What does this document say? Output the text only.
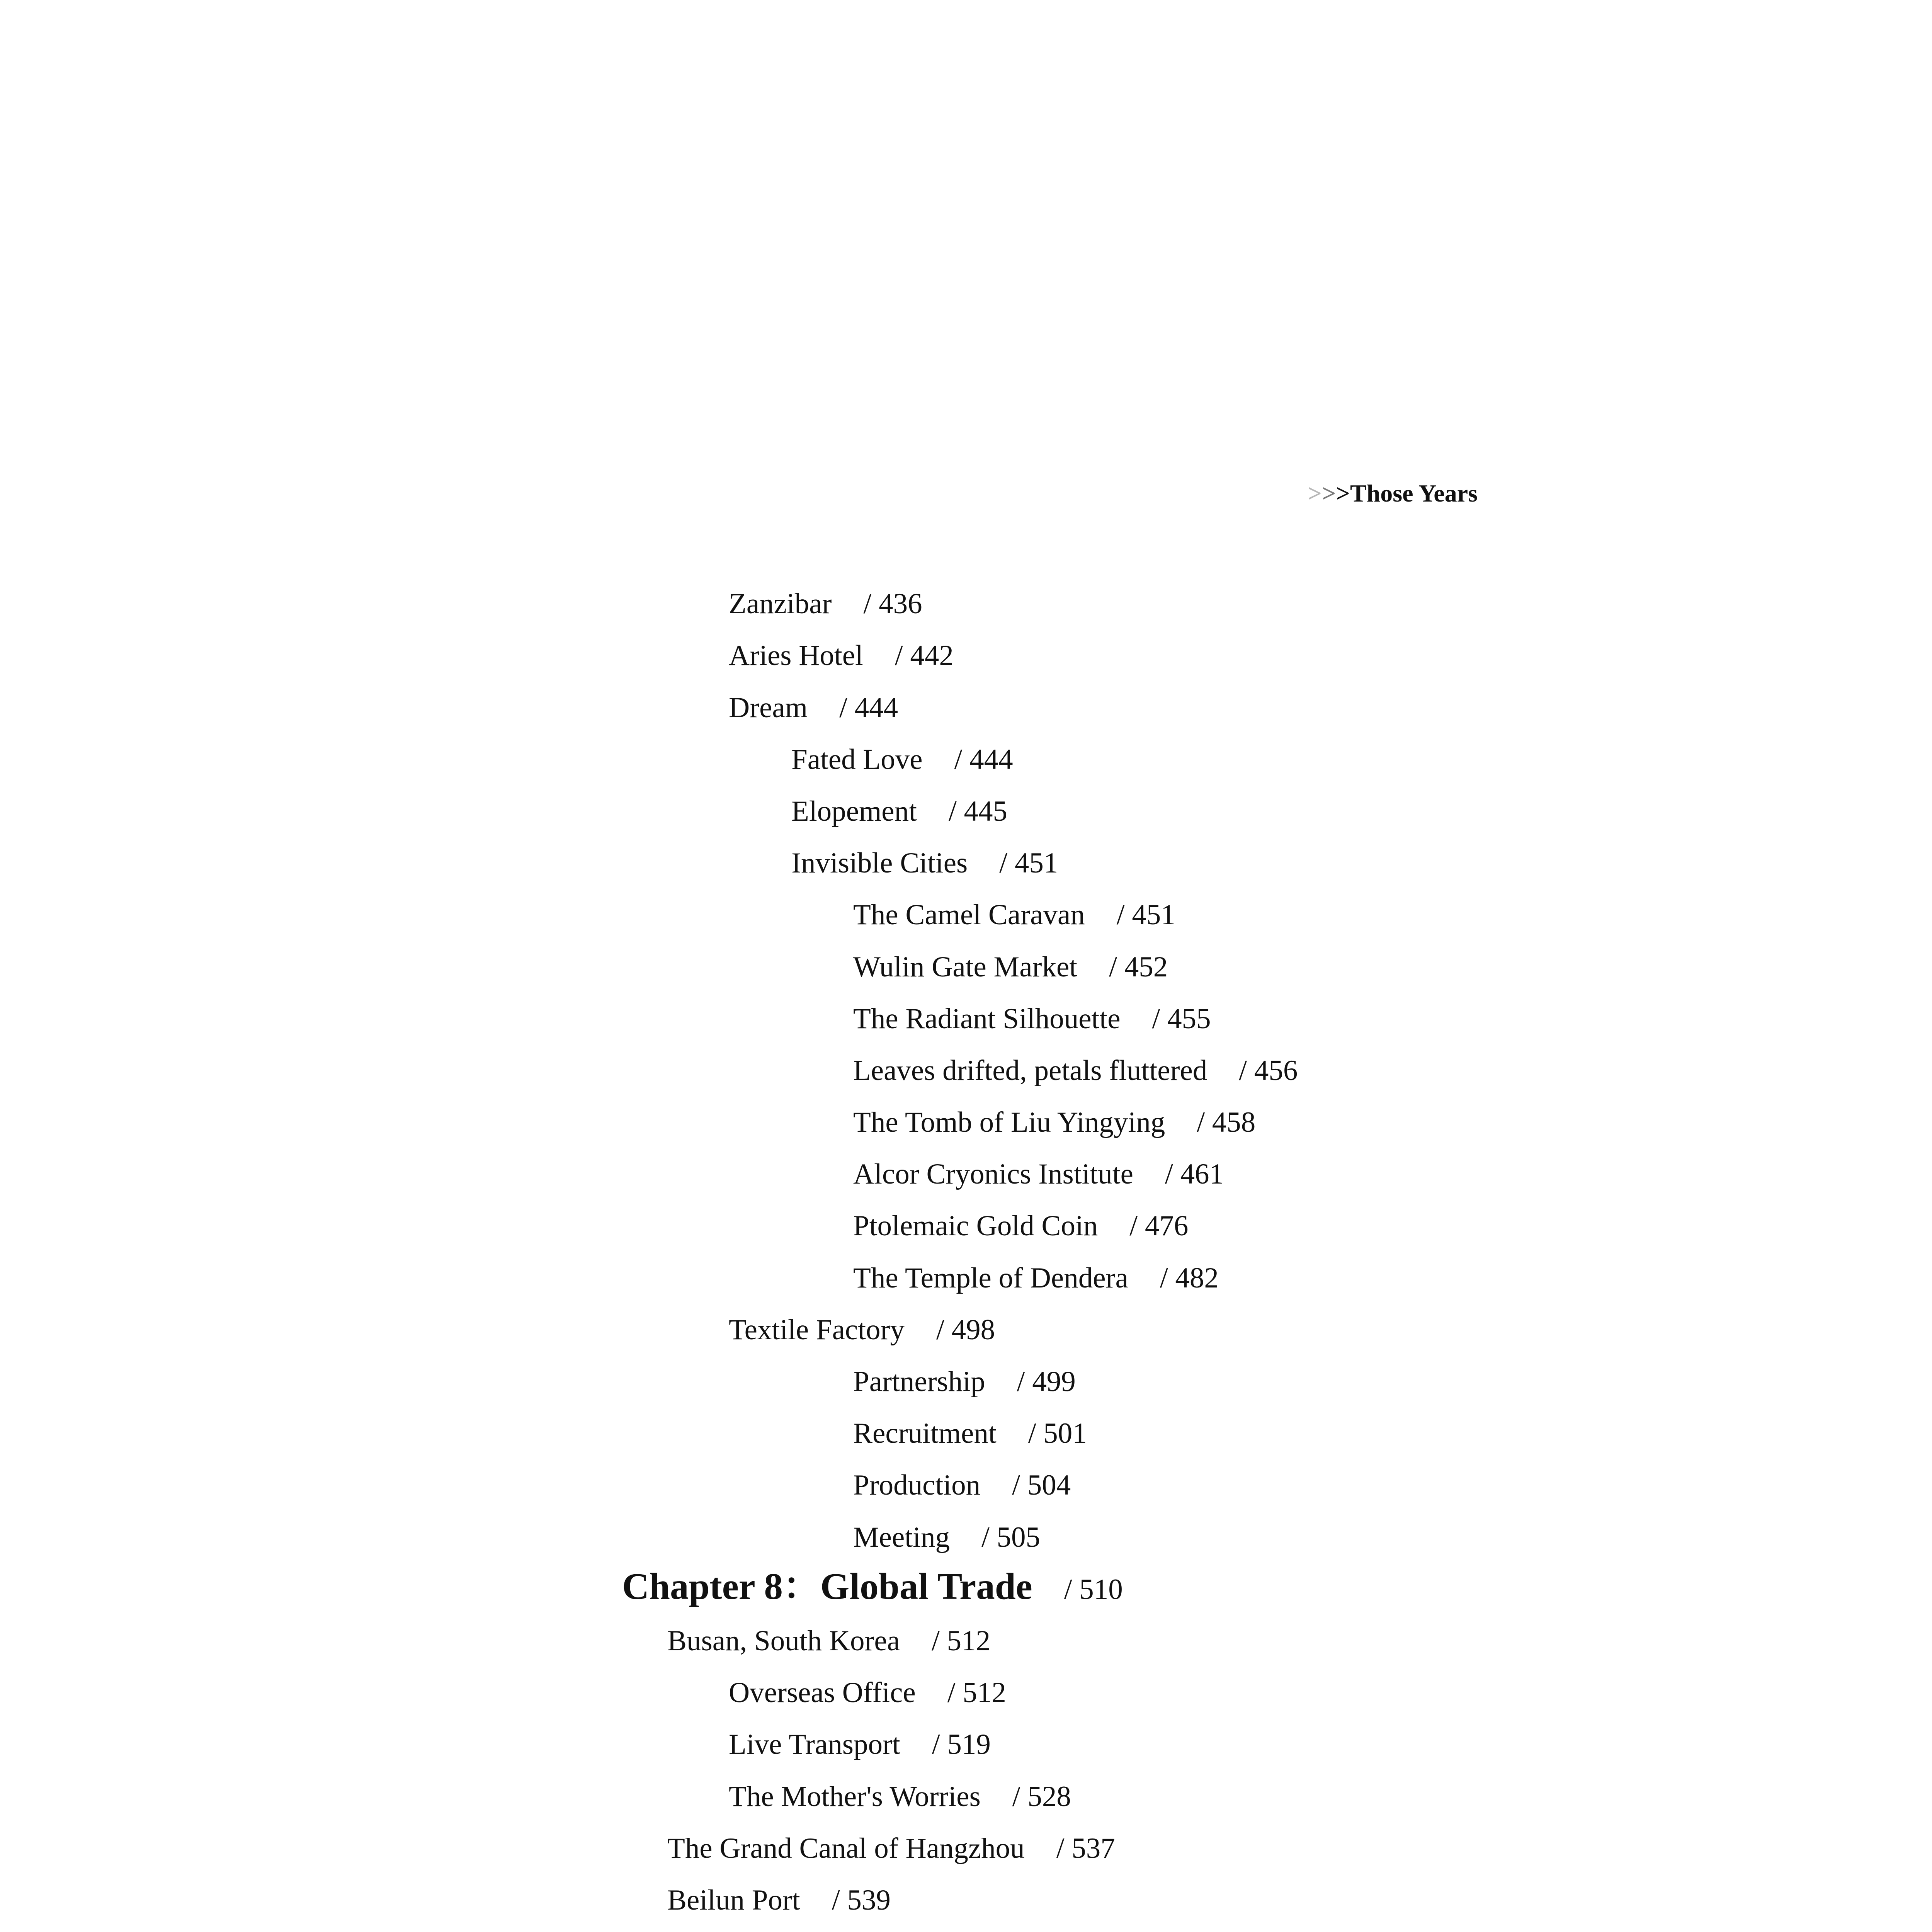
>>>Those Years
Zanzibar / 436
Aries Hotel / 442
Dream / 444
Fated Love / 444
Elopement / 445
Invisible Cities / 451
The Camel Caravan / 451
Wulin Gate Market / 452
The Radiant Silhouette / 455
Leaves drifted, petals fluttered / 456
The Tomb of Liu Yingying / 458
Alcor Cryonics Institute / 461
Ptolemaic Gold Coin / 476
The Temple of Dendera / 482
Textile Factory / 498
Partnership / 499
Recruitment / 501
Production / 504
Meeting / 505
Chapter 8：Global Trade / 510
Busan, South Korea / 512
Overseas Office / 512
Live Transport / 519
The Mother's Worries / 528
The Grand Canal of Hangzhou / 537
Beilun Port / 539
